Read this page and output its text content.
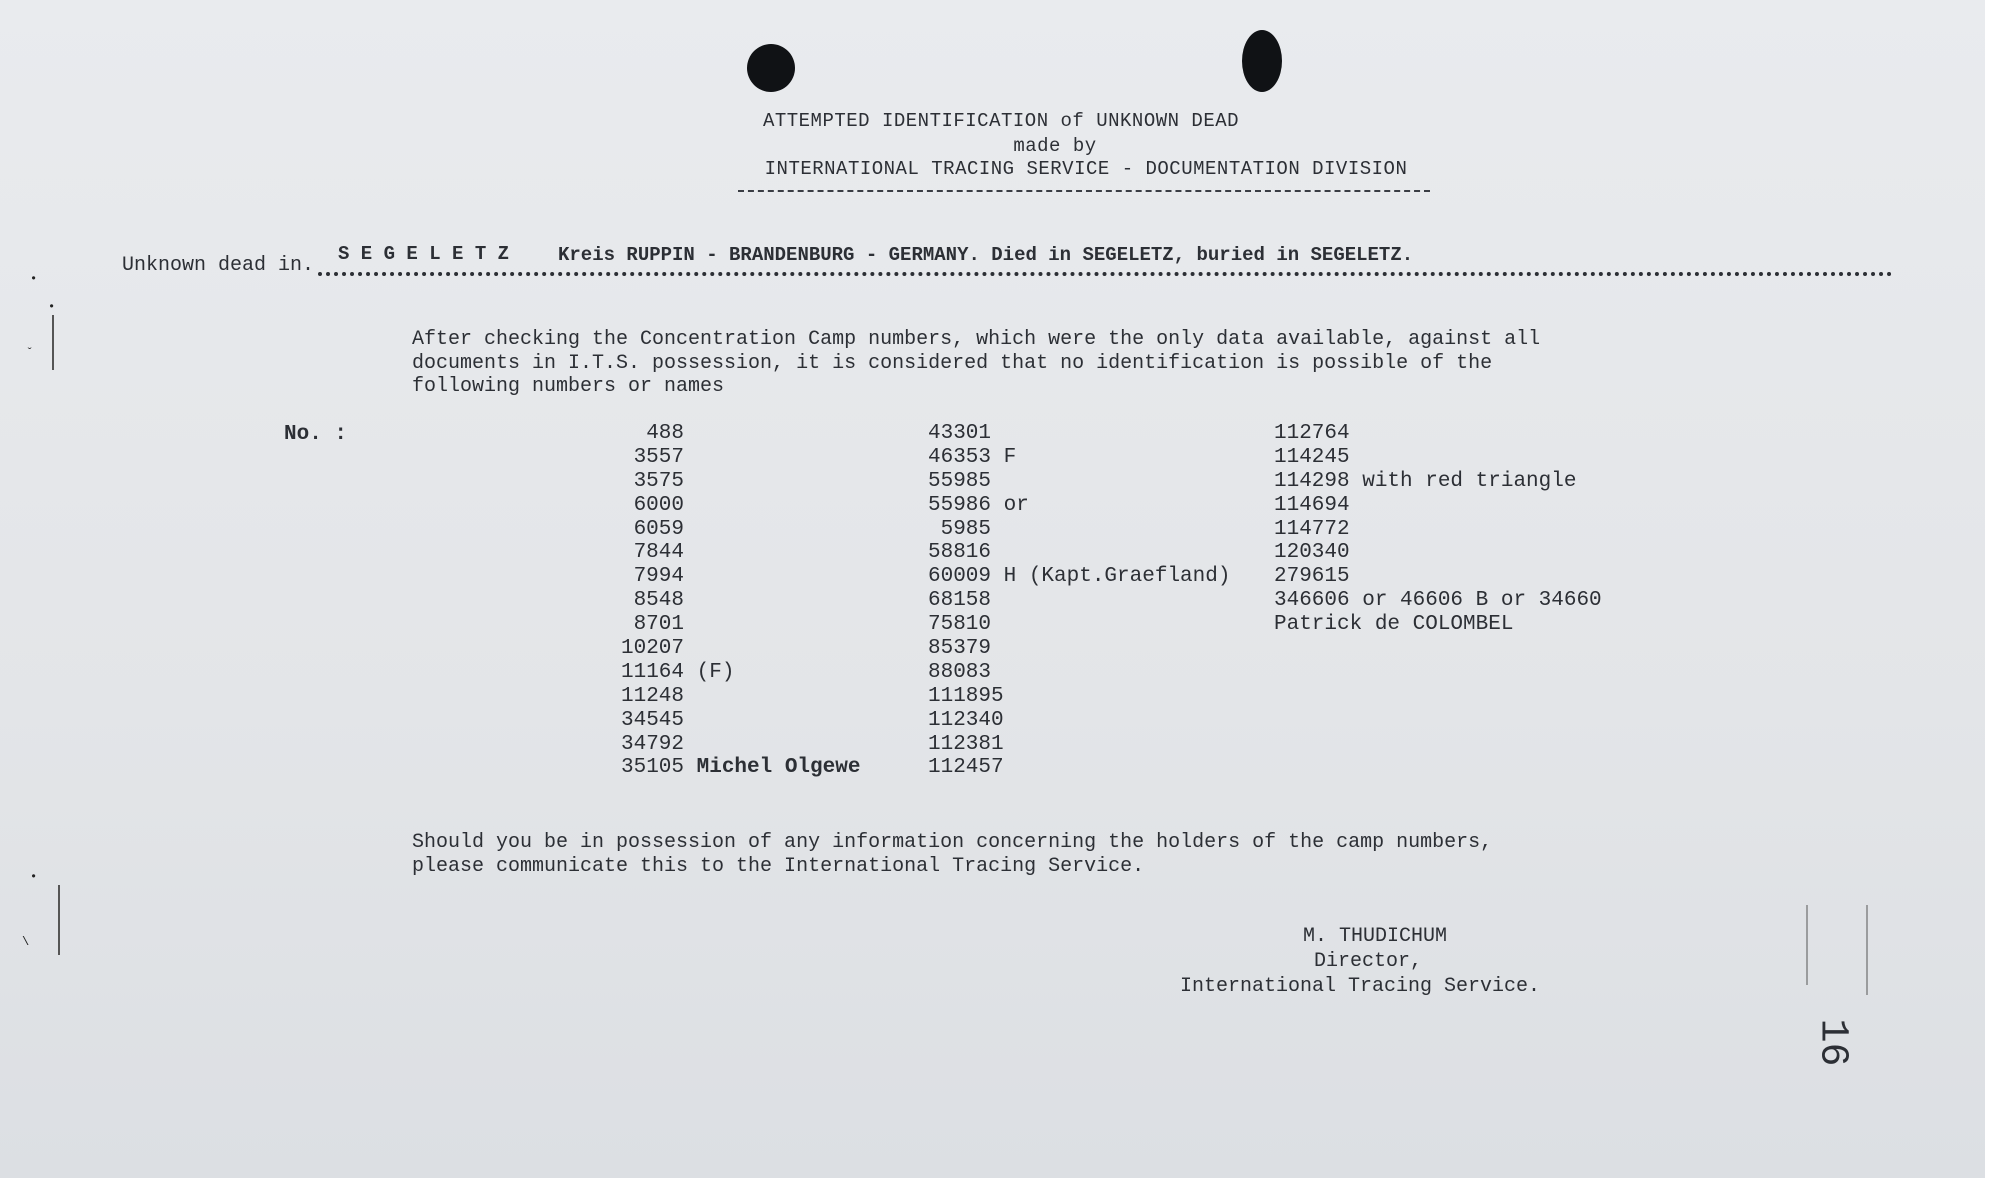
ATTEMPTED IDENTIFICATION of UNKNOWN DEAD
made by
INTERNATIONAL TRACING SERVICE - DOCUMENTATION DIVISION
Unknown dead in. S E G E L E T Z	Kreis RUPPIN - BRANDENBURG - GERMANY. Died in SEGELETZ, buried in SEGELETZ.
After checking the Concentration Camp numbers, which were the only data available, against all
documents in I.T.S. possession, it is considered that no identification is possible of the
following numbers or names
No. :	488
3557
3575
6000
6059
7844
7994
8548
8701
10207
11164 (F)
11248
34545
34792
35105 Michel Olgewe
43301
46353 F
55985
55986 or
5985
58816
60009 H (Kapt.Graefland)
68158
75810
85379
88083
111895
112340
112381
112457
112764
114245
114298 with red triangle
114694
114772
120340
279615
346606 or 46606 B or 34660
Patrick de COLOMBEL
Should you be in possession of any information concerning the holders of the camp numbers,
please communicate this to the International Tracing Service.
M. THUDICHUM
Director,
International Tracing Service.
16
•
•
ˇ
•
\
